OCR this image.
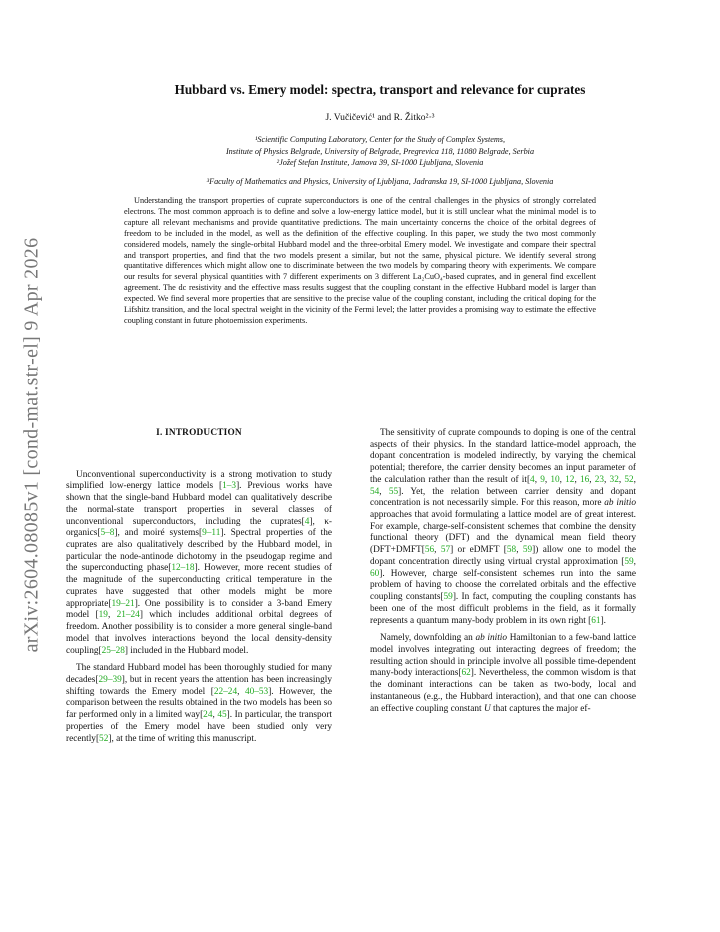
arXiv:2604.08085v1 [cond-mat.str-el] 9 Apr 2026
Hubbard vs. Emery model: spectra, transport and relevance for cuprates
J. Vučičević¹ and R. Žitko²·³
¹Scientific Computing Laboratory, Center for the Study of Complex Systems,
Institute of Physics Belgrade, University of Belgrade, Pregrevica 118, 11080 Belgrade, Serbia
²Jožef Stefan Institute, Jamova 39, SI-1000 Ljubljana, Slovenia
³Faculty of Mathematics and Physics, University of Ljubljana, Jadranska 19, SI-1000 Ljubljana, Slovenia

Understanding the transport properties of cuprate superconductors is one of the central challenges in the physics of strongly correlated electrons. The most common approach is to define and solve a low-energy lattice model, but it is still unclear what the minimal model is to capture all relevant mechanisms and provide quantitative predictions. The main uncertainty concerns the choice of the orbital degrees of freedom to be included in the model, as well as the definition of the effective coupling. In this paper, we study the two most commonly considered models, namely the single-orbital Hubbard model and the three-orbital Emery model. We investigate and compare their spectral and transport properties, and find that the two models present a similar, but not the same, physical picture. We identify several strong quantitative differences which might allow one to discriminate between the two models by comparing theory with experiments. We compare our results for several physical quantities with 7 different experiments on 3 different La₂CuO₄-based cuprates, and in general find excellent agreement. The dc resistivity and the effective mass results suggest that the coupling constant in the effective Hubbard model is larger than expected. We find several more properties that are sensitive to the precise value of the coupling constant, including the critical doping for the Lifshitz transition, and the local spectral weight in the vicinity of the Fermi level; the latter provides a promising way to estimate the effective coupling constant in future photoemission experiments.

I. INTRODUCTION

Unconventional superconductivity is a strong motivation to study simplified low-energy lattice models [1–3]. Previous works have shown that the single-band Hubbard model can qualitatively describe the normal-state transport properties in several classes of unconventional superconductors, including the cuprates[4], κ-organics[5–8], and moiré systems[9–11]. Spectral properties of the cuprates are also qualitatively described by the Hubbard model, in particular the node-antinode dichotomy in the pseudogap regime and the superconducting phase[12–18]. However, more recent studies of the magnitude of the superconducting critical temperature in the cuprates have suggested that other models might be more appropriate[19–21]. One possibility is to consider a 3-band Emery model [19, 21–24] which includes additional orbital degrees of freedom. Another possibility is to consider a more general single-band model that involves interactions beyond the local density-density coupling[25–28] included in the Hubbard model.

The standard Hubbard model has been thoroughly studied for many decades[29–39], but in recent years the attention has been increasingly shifting towards the Emery model [22–24, 40–53]. However, the comparison between the results obtained in the two models has been so far performed only in a limited way[24, 45]. In particular, the transport properties of the Emery model have been studied only very recently[52], at the time of writing this manuscript.

The sensitivity of cuprate compounds to doping is one of the central aspects of their physics. In the standard lattice-model approach, the dopant concentration is modeled indirectly, by varying the chemical potential; therefore, the carrier density becomes an input parameter of the calculation rather than the result of it[4, 9, 10, 12, 16, 23, 32, 52, 54, 55]. Yet, the relation between carrier density and dopant concentration is not necessarily simple. For this reason, more ab initio approaches that avoid formulating a lattice model are of great interest. For example, charge-self-consistent schemes that combine the density functional theory (DFT) and the dynamical mean field theory (DFT+DMFT[56, 57] or eDMFT [58, 59]) allow one to model the dopant concentration directly using virtual crystal approximation [59, 60]. However, charge self-consistent schemes run into the same problem of having to choose the correlated orbitals and the effective coupling constants[59]. In fact, computing the coupling constants has been one of the most difficult problems in the field, as it formally represents a quantum many-body problem in its own right [61].

Namely, downfolding an ab initio Hamiltonian to a few-band lattice model involves integrating out interacting degrees of freedom; the resulting action should in principle involve all possible time-dependent many-body interactions[62]. Nevertheless, the common wisdom is that the dominant interactions can be taken as two-body, local and instantaneous (e.g., the Hubbard interaction), and that one can choose an effective coupling constant U that captures the major ef-
